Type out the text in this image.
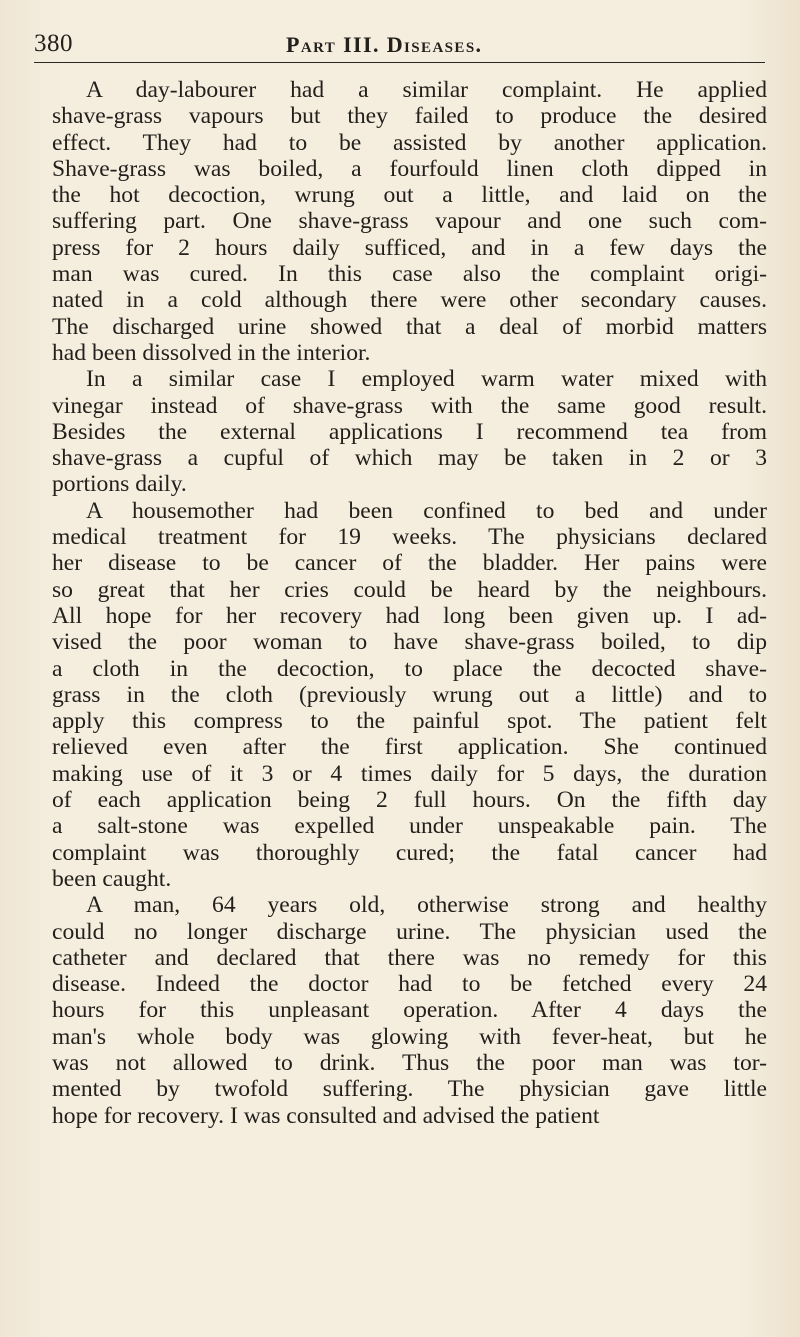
380	Part III. Diseases.
A day-labourer had a similar complaint. He applied
shave-grass vapours but they failed to produce the desired
effect. They had to be assisted by another application.
Shave-grass was boiled, a fourfould linen cloth dipped in
the hot decoction, wrung out a little, and laid on the
suffering part. One shave-grass vapour and one such com-
press for 2 hours daily sufficed, and in a few days the
man was cured. In this case also the complaint origi-
nated in a cold although there were other secondary causes.
The discharged urine showed that a deal of morbid matters
had been dissolved in the interior.
In a similar case I employed warm water mixed with
vinegar instead of shave-grass with the same good result.
Besides the external applications I recommend tea from
shave-grass a cupful of which may be taken in 2 or 3
portions daily.
A housemother had been confined to bed and under
medical treatment for 19 weeks. The physicians declared
her disease to be cancer of the bladder. Her pains were
so great that her cries could be heard by the neighbours.
All hope for her recovery had long been given up. I ad-
vised the poor woman to have shave-grass boiled, to dip
a cloth in the decoction, to place the decocted shave-
grass in the cloth (previously wrung out a little) and to
apply this compress to the painful spot. The patient felt
relieved even after the first application. She continued
making use of it 3 or 4 times daily for 5 days, the duration
of each application being 2 full hours. On the fifth day
a salt-stone was expelled under unspeakable pain. The
complaint was thoroughly cured; the fatal cancer had
been caught.
A man, 64 years old, otherwise strong and healthy
could no longer discharge urine. The physician used the
catheter and declared that there was no remedy for this
disease. Indeed the doctor had to be fetched every 24
hours for this unpleasant operation. After 4 days the
man's whole body was glowing with fever-heat, but he
was not allowed to drink. Thus the poor man was tor-
mented by twofold suffering. The physician gave little
hope for recovery. I was consulted and advised the patient
